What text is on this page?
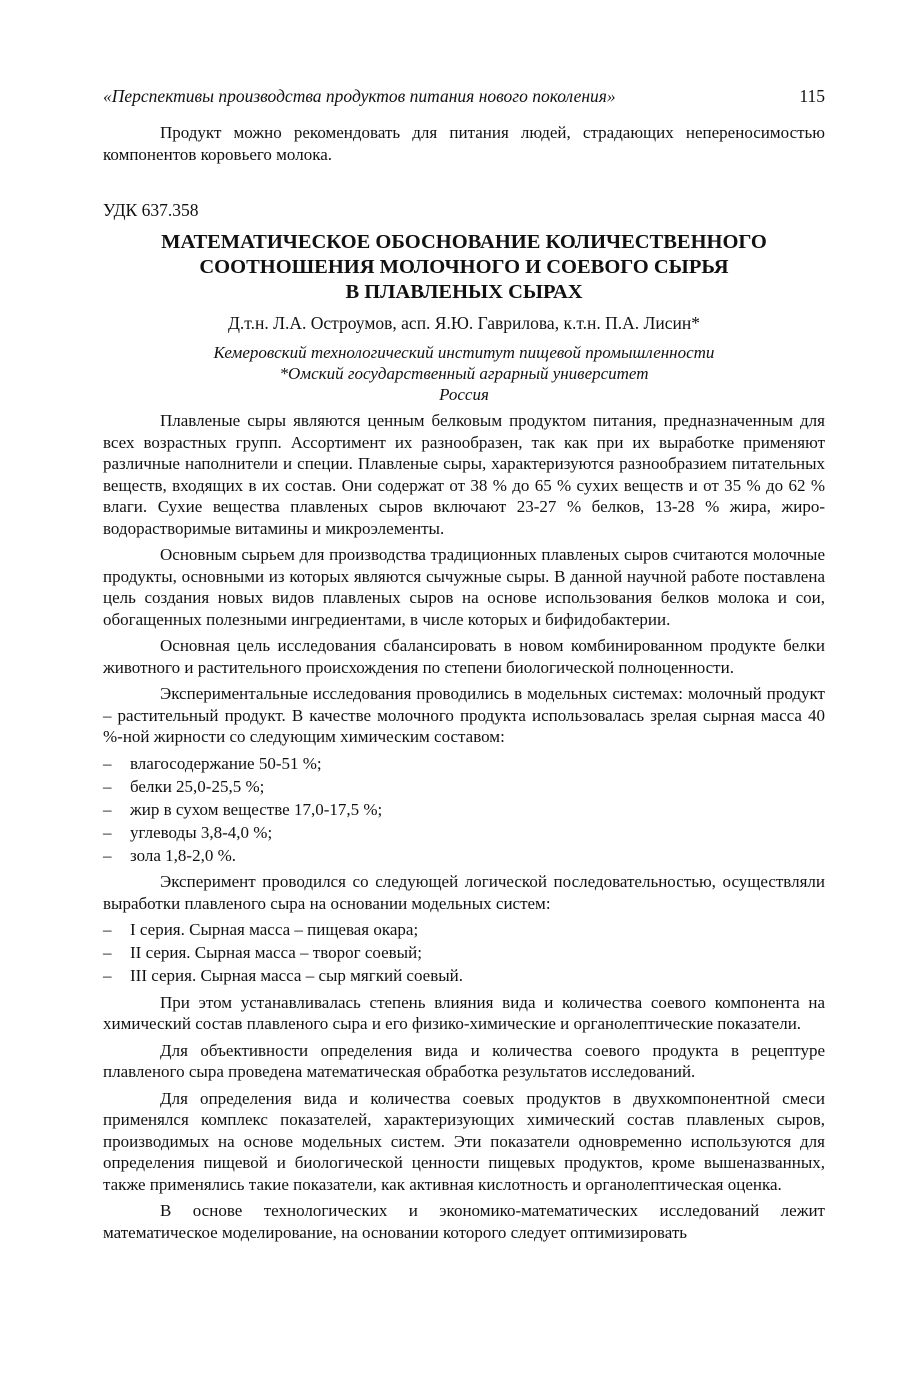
«Перспективы производства продуктов питания нового поколения»	115
Продукт можно рекомендовать для питания людей, страдающих непереносимостью компонентов коровьего молока.
УДК 637.358
МАТЕМАТИЧЕСКОЕ ОБОСНОВАНИЕ КОЛИЧЕСТВЕННОГО
СООТНОШЕНИЯ МОЛОЧНОГО И СОЕВОГО СЫРЬЯ
В ПЛАВЛЕНЫХ СЫРАХ
Д.т.н. Л.А. Остроумов, асп. Я.Ю. Гаврилова, к.т.н. П.А. Лисин*
Кемеровский технологический институт пищевой промышленности
*Омский государственный аграрный университет
Россия

Плавленые сыры являются ценным белковым продуктом питания, предназначенным для всех возрастных групп. Ассортимент их разнообразен, так как при их выработке применяют различные наполнители и специи. Плавленые сыры, характеризуются разнообразием питательных веществ, входящих в их состав. Они содержат от 38 % до 65 % сухих веществ и от 35 % до 62 % влаги. Сухие вещества плавленых сыров включают 23-27 % белков, 13-28 % жира, жиро-водорастворимые витамины и микроэлементы.

Основным сырьем для производства традиционных плавленых сыров считаются молочные продукты, основными из которых являются сычужные сыры. В данной научной работе поставлена цель создания новых видов плавленых сыров на основе использования белков молока и сои, обогащенных полезными ингредиентами, в числе которых и бифидобактерии.

Основная цель исследования сбалансировать в новом комбинированном продукте белки животного и растительного происхождения по степени биологической полноценности.

Экспериментальные исследования проводились в модельных системах: молочный продукт – растительный продукт. В качестве молочного продукта использовалась зрелая сырная масса 40 %-ной жирности со следующим химическим составом:

– влагосодержание 50-51 %;
– белки 25,0-25,5 %;
– жир в сухом веществе 17,0-17,5 %;
– углеводы 3,8-4,0 %;
– зола 1,8-2,0 %.

Эксперимент проводился со следующей логической последовательностью, осуществляли выработки плавленого сыра на основании модельных систем:

– I серия. Сырная масса – пищевая окара;
– II серия. Сырная масса – творог соевый;
– III серия. Сырная масса – сыр мягкий соевый.

При этом устанавливалась степень влияния вида и количества соевого компонента на химический состав плавленого сыра и его физико-химические и органолептические показатели.

Для объективности определения вида и количества соевого продукта в рецептуре плавленого сыра проведена математическая обработка результатов исследований.

Для определения вида и количества соевых продуктов в двухкомпонентной смеси применялся комплекс показателей, характеризующих химический состав плавленых сыров, производимых на основе модельных систем. Эти показатели одновременно используются для определения пищевой и биологической ценности пищевых продуктов, кроме вышеназванных, также применялись такие показатели, как активная кислотность и органолептическая оценка.

В основе технологических и экономико-математических исследований лежит математическое моделирование, на основании которого следует оптимизировать
